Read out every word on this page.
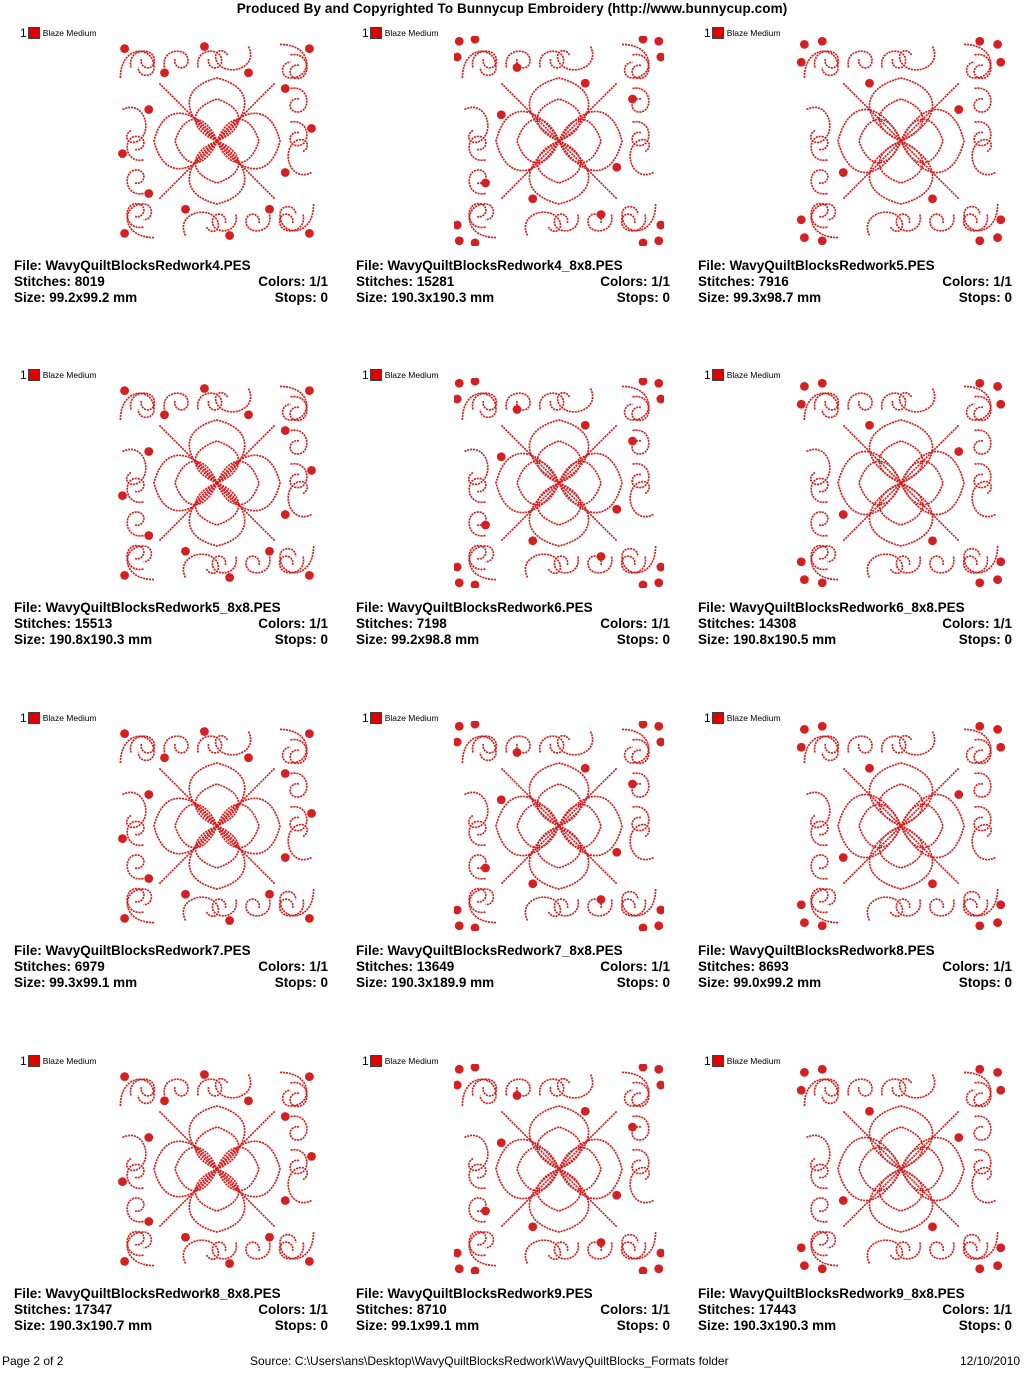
Produced By and Copyrighted To Bunnycup Embroidery (http://www.bunnycup.com)
1 Blaze Medium
File: WavyQuiltBlocksRedwork4.PES
Stitches: 8019	Colors: 1/1
Size: 99.2x99.2 mm	Stops: 0
1 Blaze Medium
File: WavyQuiltBlocksRedwork4_8x8.PES
Stitches: 15281	Colors: 1/1
Size: 190.3x190.3 mm	Stops: 0
1 Blaze Medium
File: WavyQuiltBlocksRedwork5.PES
Stitches: 7916	Colors: 1/1
Size: 99.3x98.7 mm	Stops: 0
1 Blaze Medium
File: WavyQuiltBlocksRedwork5_8x8.PES
Stitches: 15513	Colors: 1/1
Size: 190.8x190.3 mm	Stops: 0
1 Blaze Medium
File: WavyQuiltBlocksRedwork6.PES
Stitches: 7198	Colors: 1/1
Size: 99.2x98.8 mm	Stops: 0
1 Blaze Medium
File: WavyQuiltBlocksRedwork6_8x8.PES
Stitches: 14308	Colors: 1/1
Size: 190.8x190.5 mm	Stops: 0
1 Blaze Medium
File: WavyQuiltBlocksRedwork7.PES
Stitches: 6979	Colors: 1/1
Size: 99.3x99.1 mm	Stops: 0
1 Blaze Medium
File: WavyQuiltBlocksRedwork7_8x8.PES
Stitches: 13649	Colors: 1/1
Size: 190.3x189.9 mm	Stops: 0
1 Blaze Medium
File: WavyQuiltBlocksRedwork8.PES
Stitches: 8693	Colors: 1/1
Size: 99.0x99.2 mm	Stops: 0
1 Blaze Medium
File: WavyQuiltBlocksRedwork8_8x8.PES
Stitches: 17347	Colors: 1/1
Size: 190.3x190.7 mm	Stops: 0
1 Blaze Medium
File: WavyQuiltBlocksRedwork9.PES
Stitches: 8710	Colors: 1/1
Size: 99.1x99.1 mm	Stops: 0
1 Blaze Medium
File: WavyQuiltBlocksRedwork9_8x8.PES
Stitches: 17443	Colors: 1/1
Size: 190.3x190.3 mm	Stops: 0
Page 2 of 2	Source: C:\Users\ans\Desktop\WavyQuiltBlocksRedwork\WavyQuiltBlocks_Formats folder	12/10/2010
